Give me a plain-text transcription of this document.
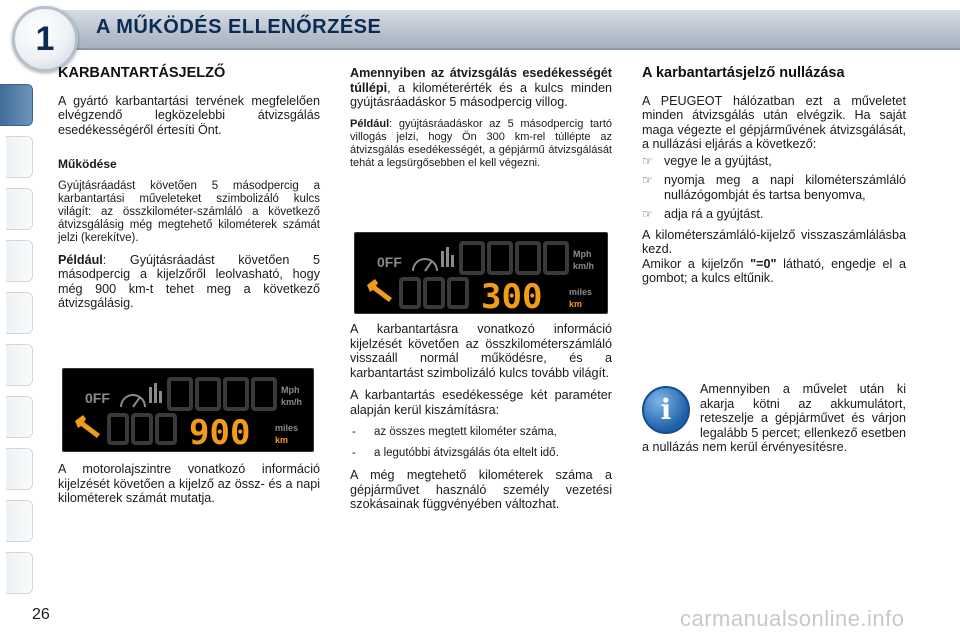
1	A MŰKÖDÉS ELLENŐRZÉSE
KARBANTARTÁSJELZŐ

A gyártó karbantartási tervének megfelelően elvégzendő legközelebbi átvizsgálás esedékességéről értesíti Önt.

Működése

Gyújtásráadást követően 5 másodpercig a karbantartási műveleteket szimbolizáló kulcs világít: az összkilométer-számláló a következő átvizsgálásig még megtehető kilométerek számát jelzi (kerekítve).

Például: Gyújtásráadást követően 5 másodpercig a kijelzőről leolvasható, hogy még 900 km-t tehet meg a következő átvizsgálásig.

A motorolajszintre vonatkozó információ kijelzését követően a kijelző az össz- és a napi kilométerek számát mutatja.

0FF	Mph
km/h
900	miles
km

Amennyiben az átvizsgálás esedékességét túllépi, a kilométerérték és a kulcs minden gyújtásráadáskor 5 másodpercig villog.

Például: gyújtásráadáskor az 5 másodpercig tartó villogás jelzi, hogy Ön 300 km-rel túllépte az átvizsgálás esedékességét, a gépjármű átvizsgálását tehát a legsürgősebben el kell végezni.

0FF	Mph
km/h
300	miles
km

A karbantartásra vonatkozó információ kijelzését követően az összkilométerszámláló visszaáll normál működésre, és a karbantartást szimbolizáló kulcs tovább világít.

A karbantartás esedékessége két paraméter alapján kerül kiszámításra:

- az összes megtett kilométer száma,
- a legutóbbi átvizsgálás óta eltelt idő.

A még megtehető kilométerek száma a gépjárművet használó személy vezetési szokásainak függvényében változhat.

A karbantartásjelző nullázása

A PEUGEOT hálózatban ezt a műveletet minden átvizsgálás után elvégzik. Ha saját maga végezte el gépjárművének átvizsgálását, a nullázási eljárás a következő:

☞ vegye le a gyújtást,
☞ nyomja meg a napi kilométerszámláló nullázógombját és tartsa benyomva,
☞ adja rá a gyújtást.

A kilométerszámláló-kijelző visszaszámlálásba kezd.

Amikor a kijelzőn "=0" látható, engedje el a gombot; a kulcs eltűnik.

i
Amennyiben a művelet után ki akarja kötni az akkumulátort, reteszelje a gépjárművet és várjon legalább 5 percet; ellenkező esetben a nullázás nem kerül érvényesítésre.
26	carmanualsonline.info
